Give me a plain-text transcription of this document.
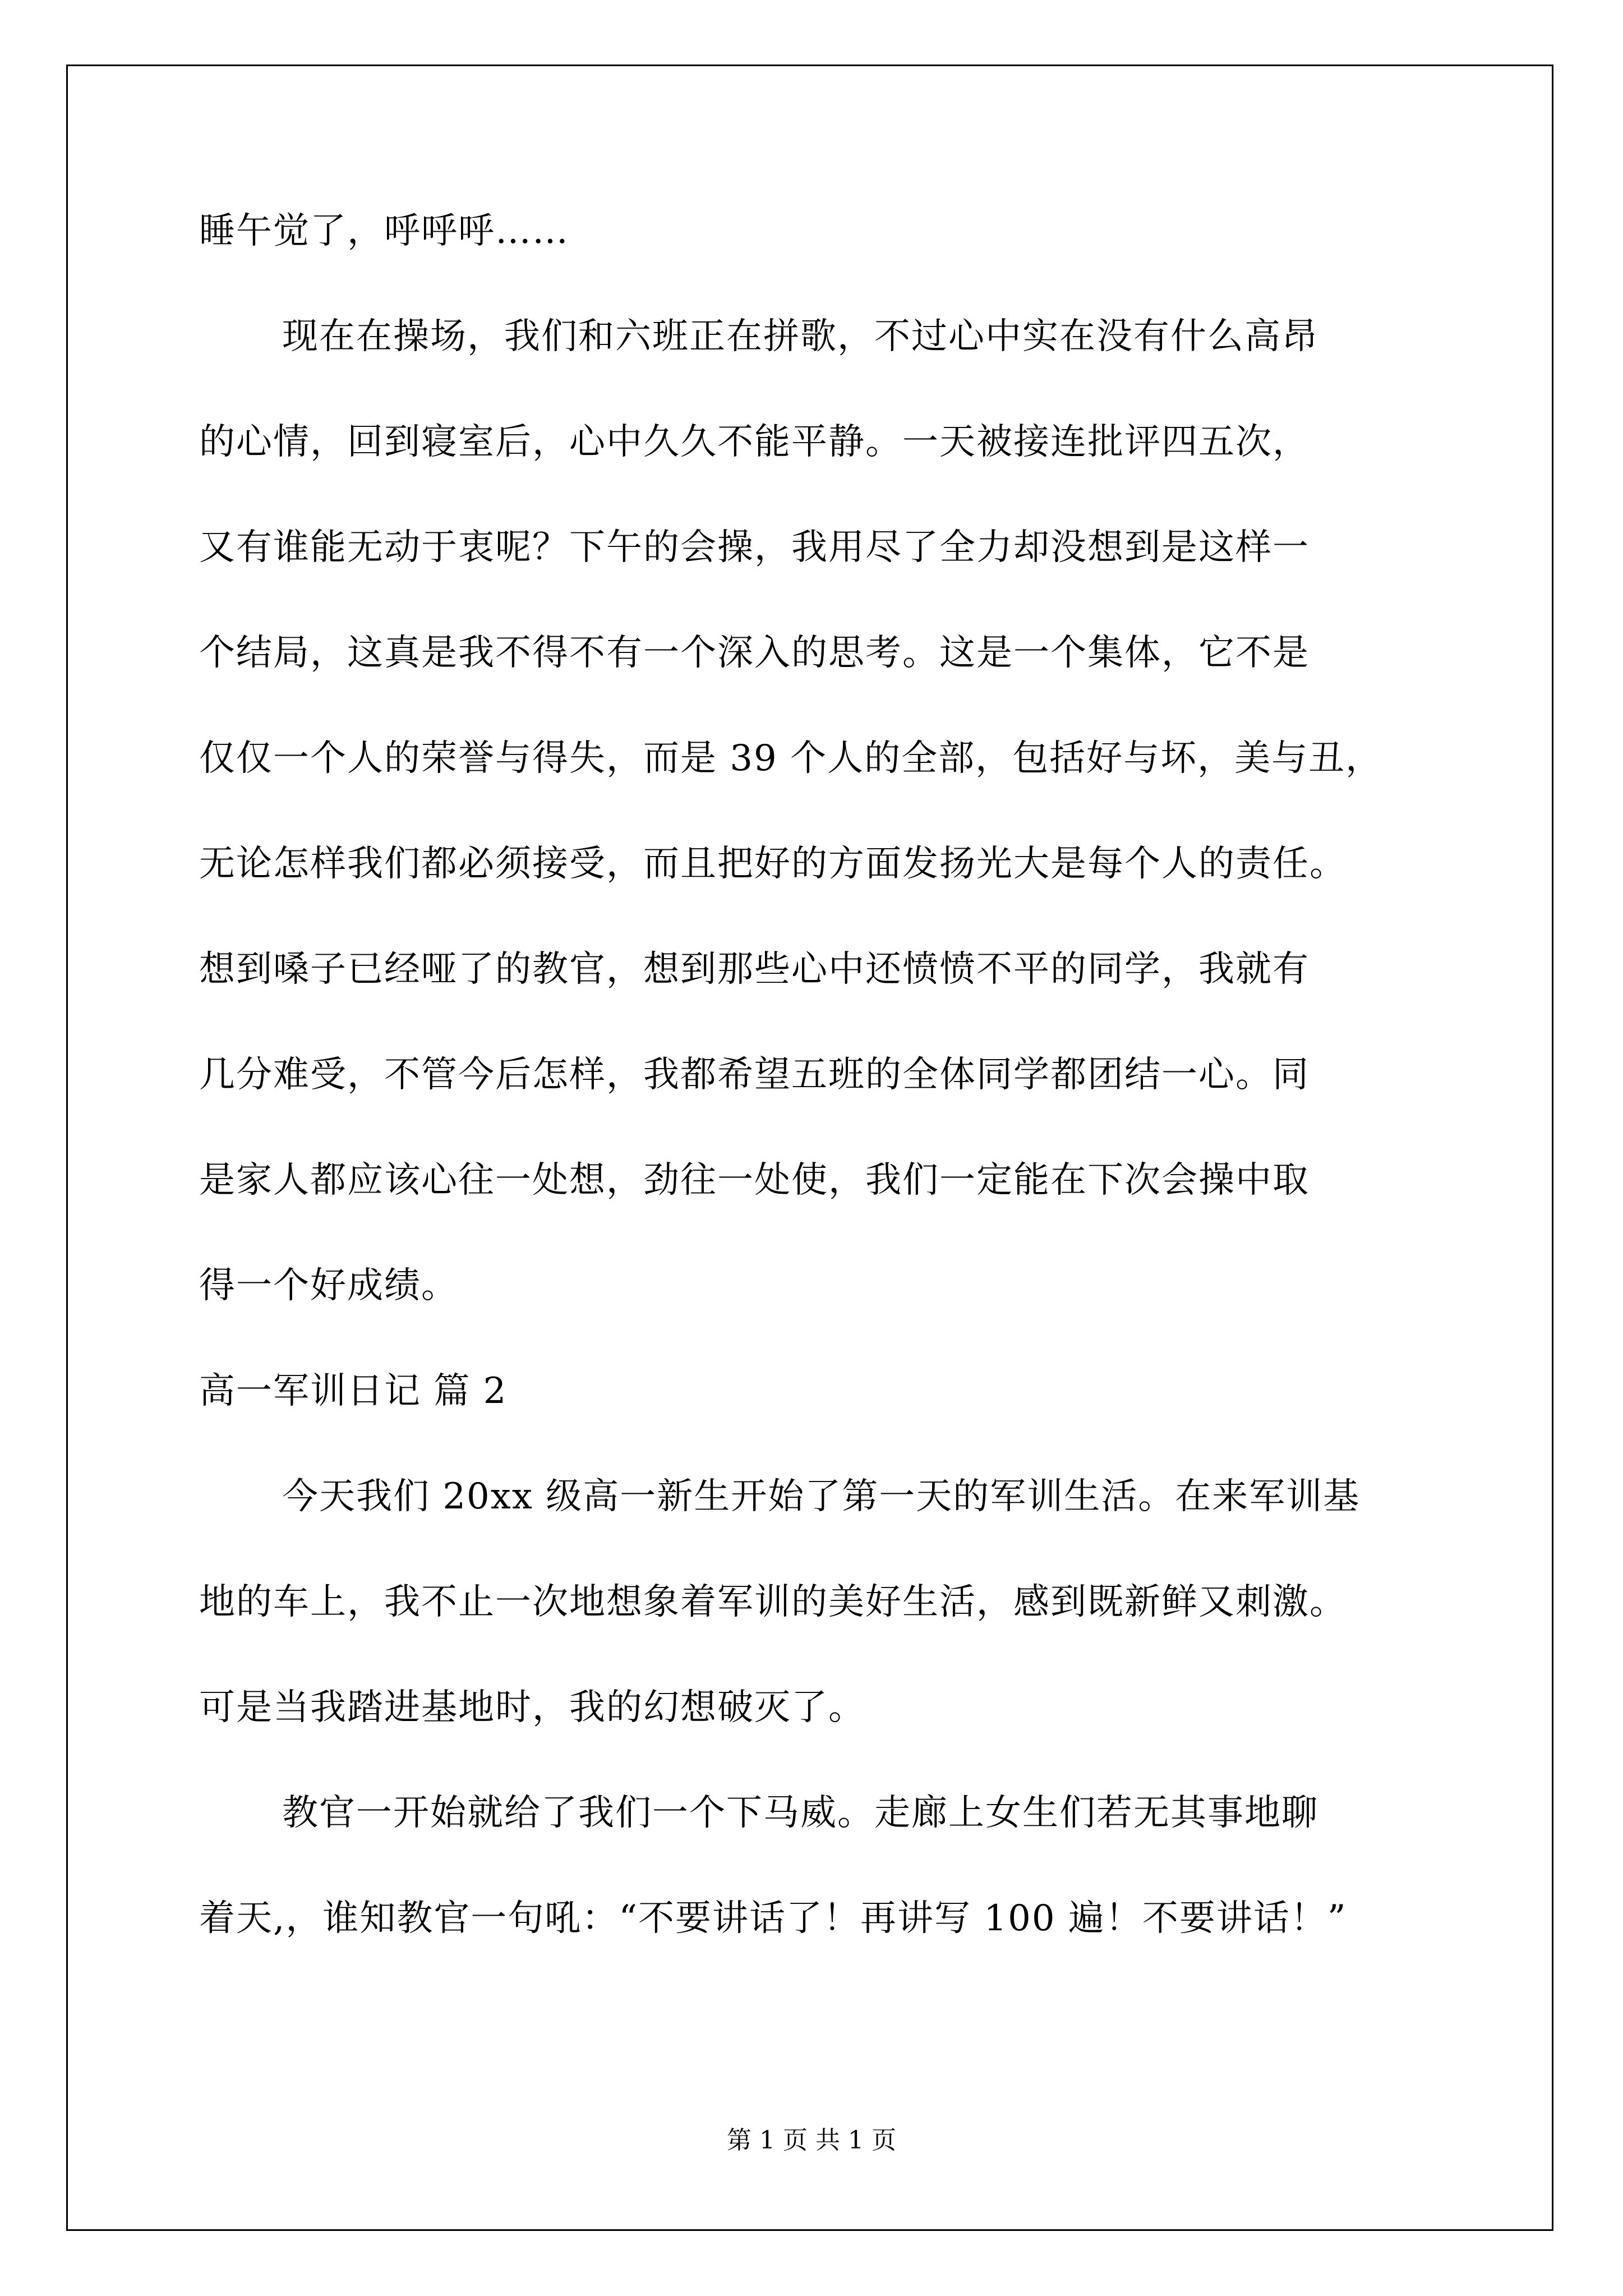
睡午觉了，呼呼呼……
现在在操场，我们和六班正在拼歌，不过心中实在没有什么高昂
的心情，回到寝室后，心中久久不能平静。一天被接连批评四五次，
又有谁能无动于衷呢？下午的会操，我用尽了全力却没想到是这样一
个结局，这真是我不得不有一个深入的思考。这是一个集体，它不是
仅仅一个人的荣誉与得失，而是 39 个人的全部，包括好与坏，美与丑，
无论怎样我们都必须接受，而且把好的方面发扬光大是每个人的责任。
想到嗓子已经哑了的教官，想到那些心中还愤愤不平的同学，我就有
几分难受，不管今后怎样，我都希望五班的全体同学都团结一心。同
是家人都应该心往一处想，劲往一处使，我们一定能在下次会操中取
得一个好成绩。
高一军训日记 篇 2
今天我们 20xx 级高一新生开始了第一天的军训生活。在来军训基
地的车上，我不止一次地想象着军训的美好生活，感到既新鲜又刺激。
可是当我踏进基地时，我的幻想破灭了。
教官一开始就给了我们一个下马威。走廊上女生们若无其事地聊
着天,，谁知教官一句吼：“不要讲话了！再讲写 100 遍！不要讲话！”
第 1 页 共 1 页
